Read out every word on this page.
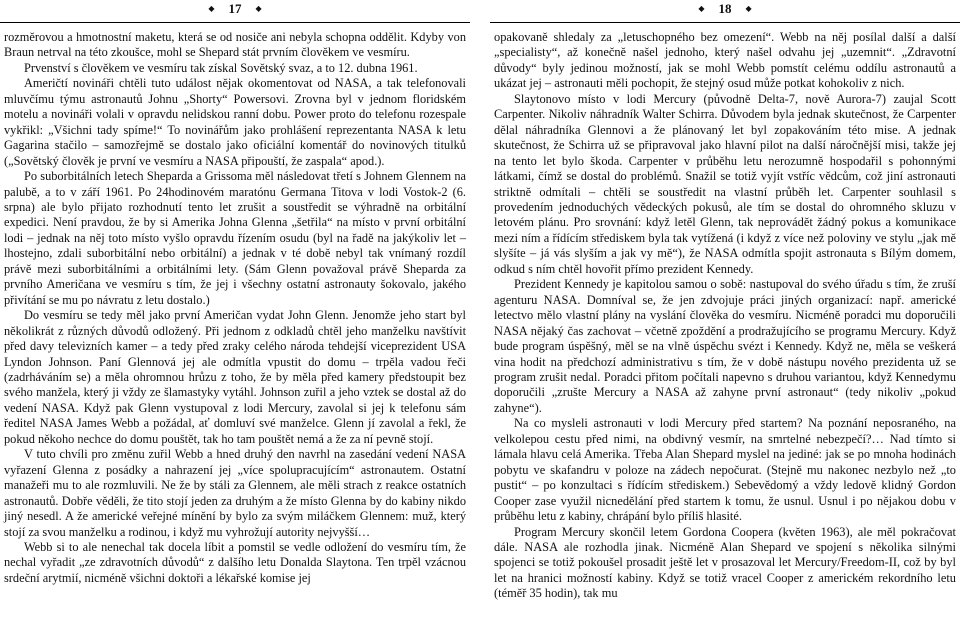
◆ 17 ◆

rozměrovou a hmotnostní maketu, která se od nosiče ani nebyla schopna oddělit. Kdyby von Braun netrval na této zkoušce, mohl se Shepard stát prvním člověkem ve vesmíru.

Prvenství s člověkem ve vesmíru tak získal Sovětský svaz, a to 12. dubna 1961.

Američtí novináři chtěli tuto událost nějak okomentovat od NASA, a tak telefonovali mluvčímu týmu astronautů Johnu „Shorty“ Powersovi. Zrovna byl v jednom floridském motelu a novináři volali v opravdu nelidskou ranní dobu. Power proto do telefonu rozespale vykřikl: „Všichni tady spíme!“ To novinářům jako prohlášení reprezentanta NASA k letu Gagarina stačilo – samozřejmě se dostalo jako oficiální komentář do novinových titulků („Sovětský člověk je první ve vesmíru a NASA připouští, že zaspala“ apod.).

Po suborbitálních letech Sheparda a Grissoma měl následovat třetí s Johnem Glennem na palubě, a to v září 1961. Po 24hodinovém maratónu Germana Titova v lodi Vostok-2 (6. srpna) ale bylo přijato rozhodnutí tento let zrušit a soustředit se výhradně na orbitální expedici. Není pravdou, že by si Amerika Johna Glenna „šetřila“ na místo v první orbitální lodi – jednak na něj toto místo vyšlo opravdu řízením osudu (byl na řadě na jakýkoliv let – lhostejno, zdali suborbitální nebo orbitální) a jednak v té době nebyl tak vnímaný rozdíl právě mezi suborbitálními a orbitálními lety. (Sám Glenn považoval právě Sheparda za prvního Američana ve vesmíru s tím, že jej i všechny ostatní astronauty šokovalo, jakého přivítání se mu po návratu z letu dostalo.)

Do vesmíru se tedy měl jako první Američan vydat John Glenn. Jenomže jeho start byl několikrát z různých důvodů odložený. Při jednom z odkladů chtěl jeho manželku navštívit před davy televizních kamer – a tedy před zraky celého národa tehdejší viceprezident USA Lyndon Johnson. Paní Glennová jej ale odmítla vpustit do domu – trpěla vadou řeči (zadrháváním se) a měla ohromnou hrůzu z toho, že by měla před kamery předstoupit bez svého manžela, který ji vždy ze šlamastyky vytáhl. Johnson zuřil a jeho vztek se dostal až do vedení NASA. Když pak Glenn vystupoval z lodi Mercury, zavolal si jej k telefonu sám ředitel NASA James Webb a požádal, ať domluví své manželce. Glenn jí zavolal a řekl, že pokud někoho nechce do domu pouštět, tak ho tam pouštět nemá a že za ní pevně stojí.

V tuto chvíli pro změnu zuřil Webb a hned druhý den navrhl na zasedání vedení NASA vyřazení Glenna z posádky a nahrazení jej „více spolupracujícím“ astronautem. Ostatní manažeři mu to ale rozmluvili. Ne že by stáli za Glennem, ale měli strach z reakce ostatních astronautů. Dobře věděli, že tito stojí jeden za druhým a že místo Glenna by do kabiny nikdo jiný nesedl. A že americké veřejné mínění by bylo za svým miláčkem Glennem: muž, který stojí za svou manželku a rodinou, i když mu vyhrožují autority nejvyšší…

Webb si to ale nenechal tak docela líbit a pomstil se vedle odložení do vesmíru tím, že nechal vyřadit „ze zdravotních důvodů“ z dalšího letu Donalda Slaytona. Ten trpěl vzácnou srdeční arytmií, nicméně všichni doktoři a lékařské komise jej

◆ 18 ◆

opakovaně shledaly za „letuschopného bez omezení“. Webb na něj posílal další a další „specialisty“, až konečně našel jednoho, který našel odvahu jej „uzemnit“. „Zdravotní důvody“ byly jedinou možností, jak se mohl Webb pomstít celému oddílu astronautů a ukázat jej – astronauti měli pochopit, že stejný osud může potkat kohokoliv z nich.

Slaytonovo místo v lodi Mercury (původně Delta-7, nově Aurora-7) zaujal Scott Carpenter. Nikoliv náhradník Walter Schirra. Důvodem byla jednak skutečnost, že Carpenter dělal náhradníka Glennovi a že plánovaný let byl zopakováním této mise. A jednak skutečnost, že Schirra už se připravoval jako hlavní pilot na další náročnější misi, takže jej na tento let bylo škoda. Carpenter v průběhu letu nerozumně hospodařil s pohonnými látkami, čímž se dostal do problémů. Snažil se totiž vyjít vstříc vědcům, což jiní astronauti striktně odmítali – chtěli se soustředit na vlastní průběh let. Carpenter souhlasil s provedením jednoduchých vědeckých pokusů, ale tím se dostal do ohromného skluzu v letovém plánu. Pro srovnání: když letěl Glenn, tak neprovádět žádný pokus a komunikace mezi ním a řídícím střediskem byla tak vytížená (i když z více než poloviny ve stylu „jak mě slyšíte – já vás slyším a jak vy mě“), že NASA odmítla spojit astronauta s Bílým domem, odkud s ním chtěl hovořit přímo prezident Kennedy.

Prezident Kennedy je kapitolou samou o sobě: nastupoval do svého úřadu s tím, že zruší agenturu NASA. Domníval se, že jen zdvojuje práci jiných organizací: např. americké letectvo mělo vlastní plány na vyslání člověka do vesmíru. Nicméně poradci mu doporučili NASA nějaký čas zachovat – včetně zpoždění a prodražujícího se programu Mercury. Když bude program úspěšný, měl se na vlně úspěchu svézt i Kennedy. Když ne, měla se veškerá vina hodit na předchozí administrativu s tím, že v době nástupu nového prezidenta už se program zrušit nedal. Poradci přitom počítali napevno s druhou variantou, když Kennedymu doporučili „zrušte Mercury a NASA až zahyne první astronaut“ (tedy nikoliv „pokud zahyne“).

Na co mysleli astronauti v lodi Mercury před startem? Na poznání neposraného, na velkolepou cestu před nimi, na obdivný vesmír, na smrtelné nebezpečí?… Nad tímto si lámala hlavu celá Amerika. Třeba Alan Shepard myslel na jediné: jak se po mnoha hodinách pobytu ve skafandru v poloze na zádech nepočurat. (Stejně mu nakonec nezbylo než „to pustit“ – po konzultaci s řídícím střediskem.) Sebevědomý a vždy ledově klidný Gordon Cooper zase využil nicnedělání před startem k tomu, že usnul. Usnul i po nějakou dobu v průběhu letu z kabiny, chrápání bylo příliš hlasité.

Program Mercury skončil letem Gordona Coopera (květen 1963), ale měl pokračovat dále. NASA ale rozhodla jinak. Nicméně Alan Shepard ve spojení s několika silnými spojenci se totiž pokoušel prosadit ještě let v prosazoval let Mercury/Freedom-II, což by byl let na hranici možností kabiny. Když se totiž vracel Cooper z americkém rekordního letu (téměř 35 hodin), tak mu
